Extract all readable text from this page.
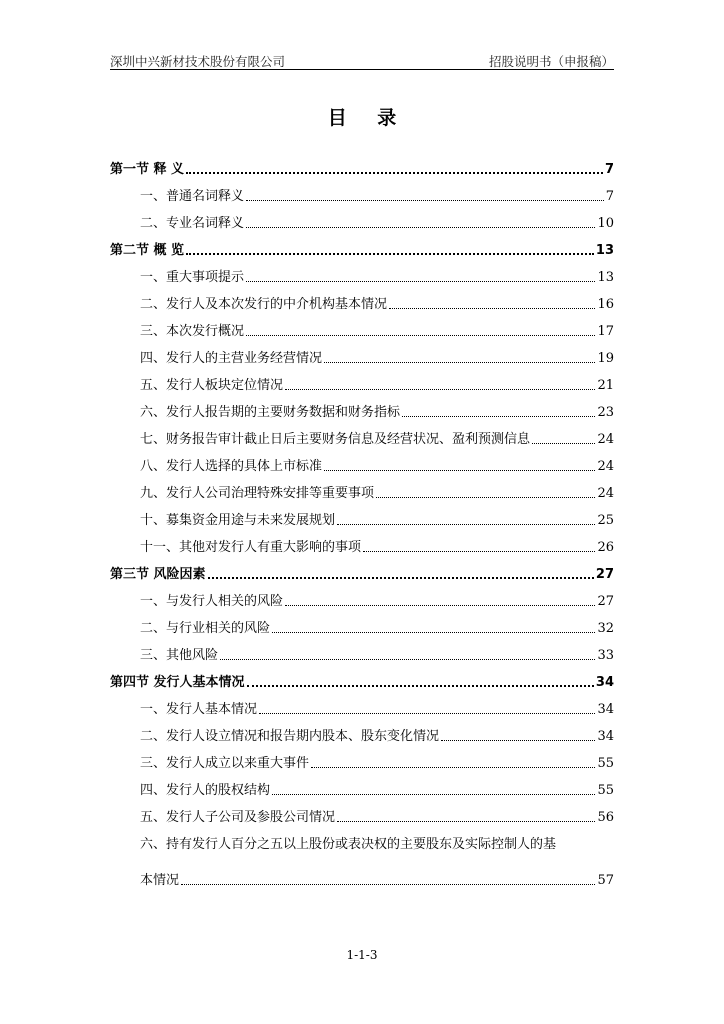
深圳中兴新材技术股份有限公司	招股说明书（申报稿）
目 录
第一节 释 义	7
一、普通名词释义	7
二、专业名词释义	10
第二节 概 览	13
一、重大事项提示	13
二、发行人及本次发行的中介机构基本情况	16
三、本次发行概况	17
四、发行人的主营业务经营情况	19
五、发行人板块定位情况	21
六、发行人报告期的主要财务数据和财务指标	23
七、财务报告审计截止日后主要财务信息及经营状况、盈利预测信息	24
八、发行人选择的具体上市标准	24
九、发行人公司治理特殊安排等重要事项	24
十、募集资金用途与未来发展规划	25
十一、其他对发行人有重大影响的事项	26
第三节 风险因素	27
一、与发行人相关的风险	27
二、与行业相关的风险	32
三、其他风险	33
第四节 发行人基本情况	34
一、发行人基本情况	34
二、发行人设立情况和报告期内股本、股东变化情况	34
三、发行人成立以来重大事件	55
四、发行人的股权结构	55
五、发行人子公司及参股公司情况	56
六、持有发行人百分之五以上股份或表决权的主要股东及实际控制人的基
本情况	57
1-1-3
